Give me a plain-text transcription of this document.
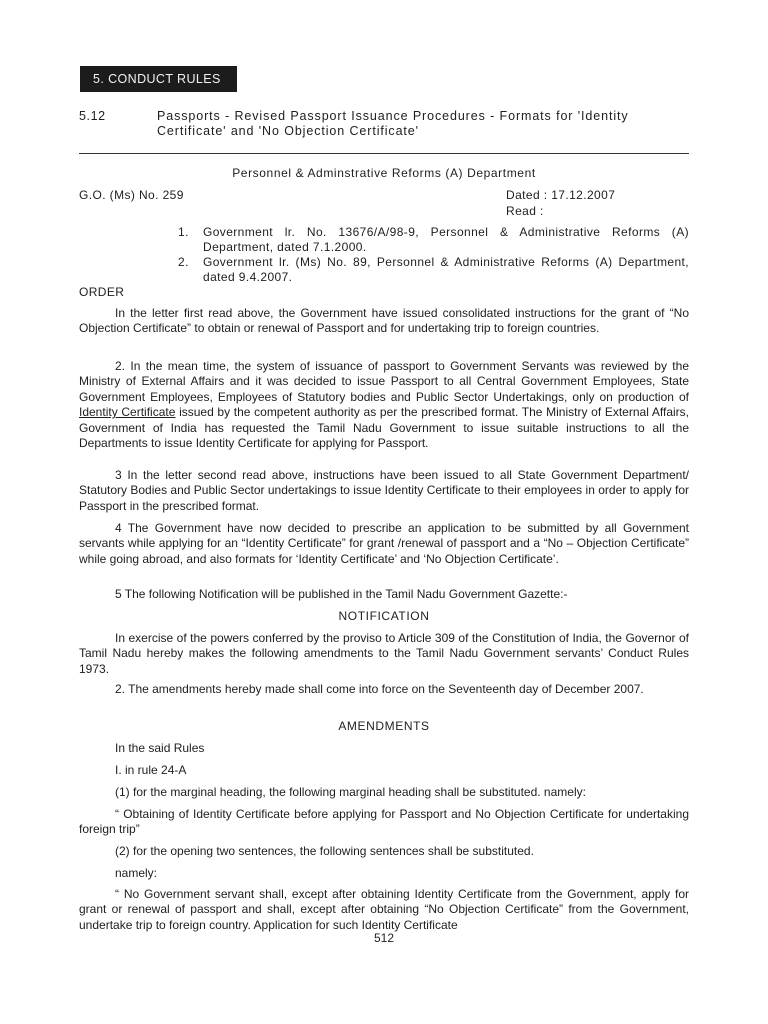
5. CONDUCT RULES
5.12	Passports - Revised Passport Issuance Procedures - Formats for 'Identity Certificate' and 'No Objection Certificate'
Personnel & Adminstrative Reforms (A) Department
G.O. (Ms) No. 259	Dated : 17.12.2007
Read :
1. Government lr. No. 13676/A/98-9, Personnel & Administrative Reforms (A) Department, dated 7.1.2000.
2. Government lr. (Ms) No. 89, Personnel & Administrative Reforms (A) Department, dated 9.4.2007.
ORDER
In the letter first read above, the Government have issued consolidated instructions for the grant of “No Objection Certificate” to obtain or renewal of Passport and for undertaking trip to foreign countries.
2. In the mean time, the system of issuance of passport to Government Servants was reviewed by the Ministry of External Affairs and it was decided to issue Passport to all Central Government Employees, State Government Employees, Employees of Statutory bodies and Public Sector Undertakings, only on production of Identity Certificate issued by the competent authority as per the prescribed format. The Ministry of External Affairs, Government of India has requested the Tamil Nadu Government to issue suitable instructions to all the Departments to issue Identity Certificate for applying for Passport.
3 In the letter second read above, instructions have been issued to all State Government Department/ Statutory Bodies and Public Sector undertakings to issue Identity Certificate to their employees in order to apply for Passport in the prescribed format.
4 The Government have now decided to prescribe an application to be submitted by all Government servants while applying for an “Identity Certificate” for grant /renewal of passport and a “No – Objection Certificate” while going abroad, and also formats for ‘Identity Certificate’ and ‘No Objection Certificate’.
5 The following Notification will be published in the Tamil Nadu Government Gazette:-
NOTIFICATION
In exercise of the powers conferred by the proviso to Article 309 of the Constitution of India, the Governor of Tamil Nadu hereby makes the following amendments to the Tamil Nadu Government servants’ Conduct Rules 1973.
2. The amendments hereby made shall come into force on the Seventeenth day of December 2007.
AMENDMENTS
In the said Rules
I. in rule 24-A
(1) for the marginal heading, the following marginal heading shall be substituted. namely:
“ Obtaining of Identity Certificate before applying for Passport and No Objection Certificate for undertaking foreign trip”
(2) for the opening two sentences, the following sentences shall be substituted.
namely:
“ No Government servant shall, except after obtaining Identity Certificate from the Government, apply for grant or renewal of passport and shall, except after obtaining “No Objection Certificate” from the Government, undertake trip to foreign country. Application for such Identity Certificate
512
